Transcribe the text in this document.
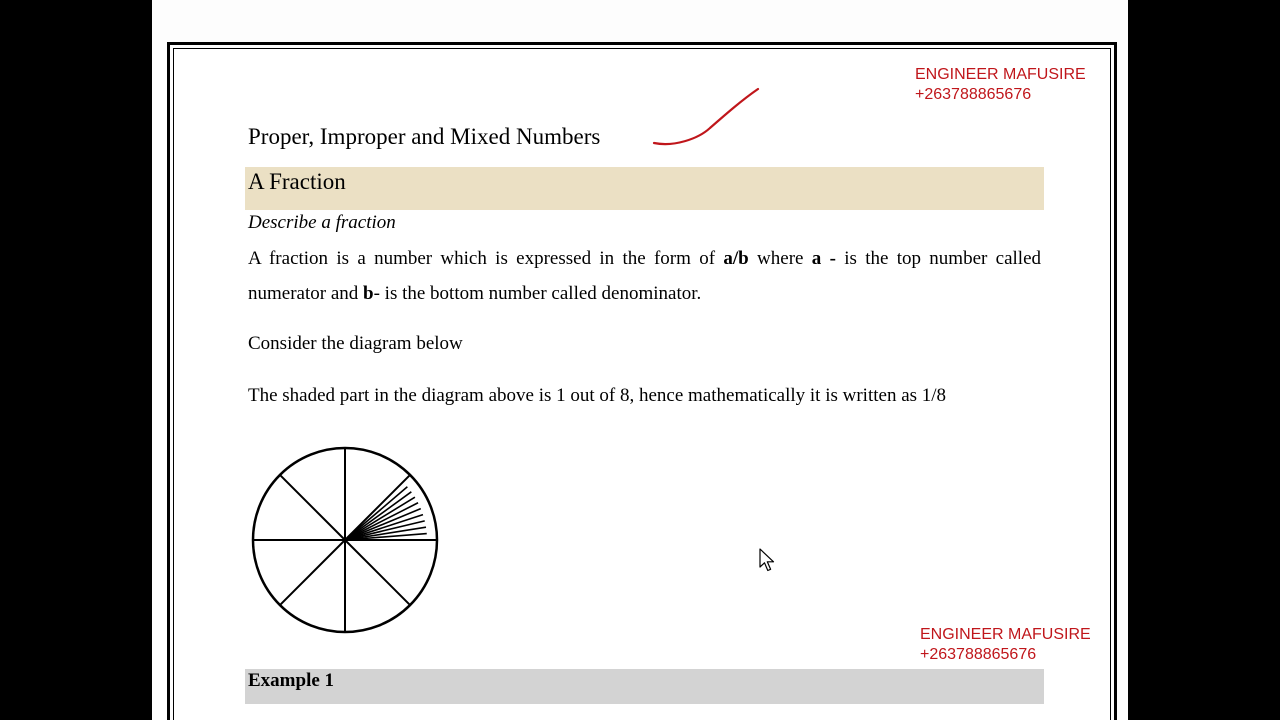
ENGINEER MAFUSIRE
+263788865676
Proper, Improper and Mixed Numbers
A Fraction
Describe a fraction
A fraction is a number which is expressed in the form of a/b where a - is the top number called numerator and b- is the bottom number called denominator.
Consider the diagram below
The shaded part in the diagram above is 1 out of 8, hence mathematically it is written as 1/8
ENGINEER MAFUSIRE
+263788865676
Example 1
